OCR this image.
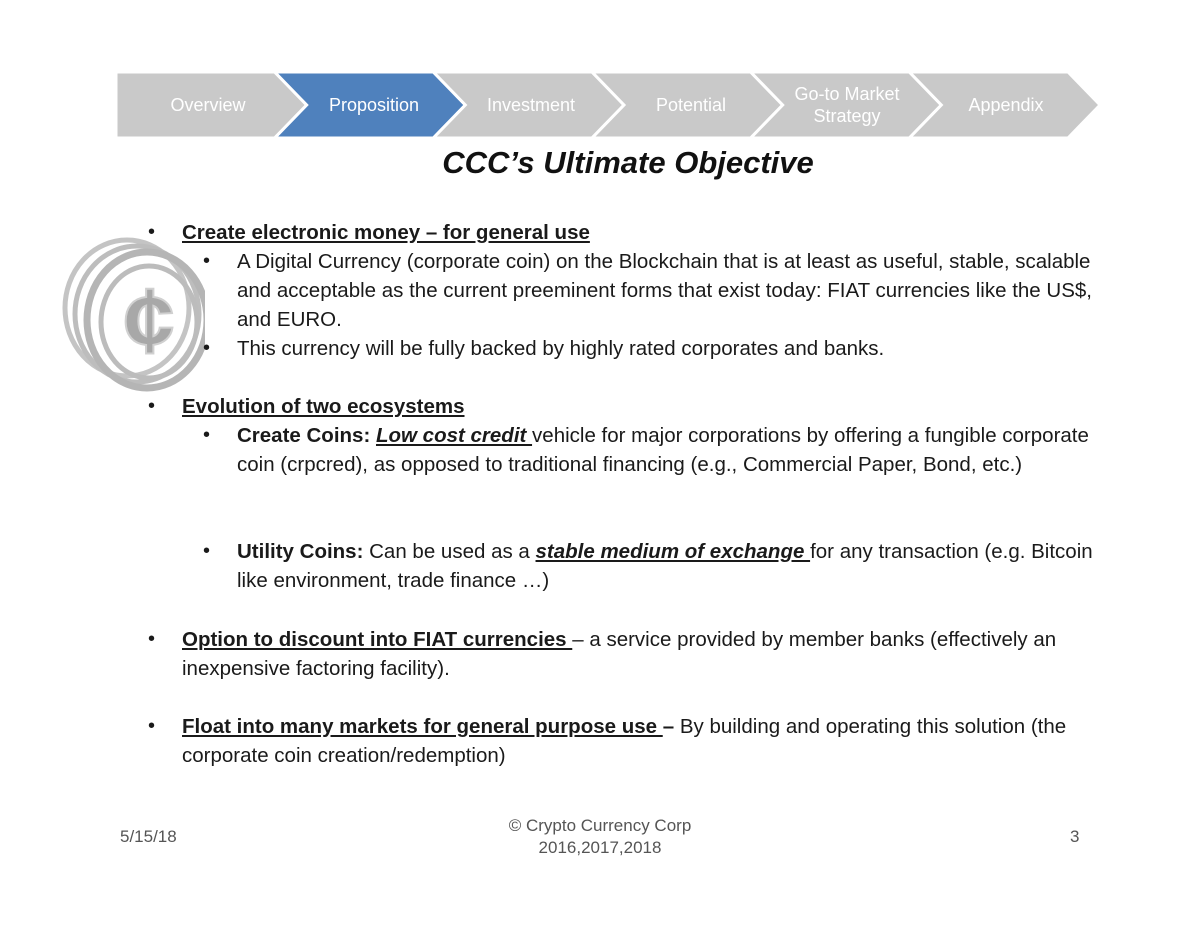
Overview	Proposition	Investment	Potential
Go-to Market
Strategy
Appendix
¢
CCC’s Ultimate Objective
• Create electronic money – for general use
• A Digital Currency (corporate coin) on the Blockchain that is at least as useful, stable, scalable and acceptable as the current preeminent forms that exist today: FIAT currencies like the US$, and EURO.
• This currency will be fully backed by highly rated corporates and banks.
• Evolution of two ecosystems
• Create Coins: Low cost credit vehicle for major corporations by offering a fungible corporate coin (crpcred), as opposed to traditional financing (e.g., Commercial Paper, Bond, etc.)
• Utility Coins: Can be used as a stable medium of exchange for any transaction (e.g. Bitcoin like environment, trade finance …)
• Option to discount into FIAT currencies – a service provided by member banks (effectively an inexpensive factoring facility).
• Float into many markets for general purpose use – By building and operating this solution (the corporate coin creation/redemption)
5/15/18
© Crypto Currency Corp
2016,2017,2018
3
